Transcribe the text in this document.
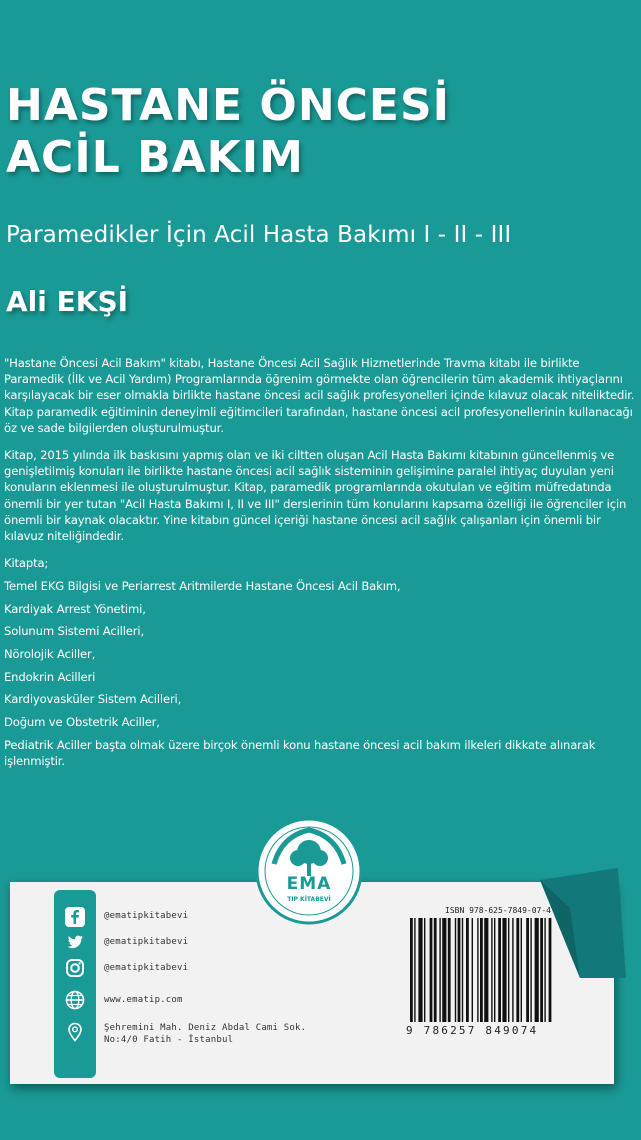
HASTANE ÖNCESİ
ACİL BAKIM
Paramedikler İçin Acil Hasta Bakımı I - II - III
Ali EKŞİ

"Hastane Öncesi Acil Bakım" kitabı, Hastane Öncesi Acil Sağlık Hizmetlerinde Travma kitabı ile birlikte Paramedik (İlk ve Acil Yardım) Programlarında öğrenim görmekte olan öğrencilerin tüm akademik ihtiyaçlarını karşılayacak bir eser olmakla birlikte hastane öncesi acil sağlık profesyonelleri içinde kılavuz olacak niteliktedir. Kitap paramedik eğitiminin deneyimli eğitimcileri tarafından, hastane öncesi acil profesyonellerinin kullanacağı öz ve sade bilgilerden oluşturulmuştur.

Kitap, 2015 yılında ilk baskısını yapmış olan ve iki ciltten oluşan Acil Hasta Bakımı kitabının güncellenmiş ve genişletilmiş konuları ile birlikte hastane öncesi acil sağlık sisteminin gelişimine paralel ihtiyaç duyulan yeni konuların eklenmesi ile oluşturulmuştur. Kitap, paramedik programlarında okutulan ve eğitim müfredatında önemli bir yer tutan "Acil Hasta Bakımı I, II ve III" derslerinin tüm konularını kapsama özelliği ile öğrenciler için önemli bir kaynak olacaktır. Yine kitabın güncel içeriği hastane öncesi acil sağlık çalışanları için önemli bir kılavuz niteliğindedir.

Kitapta;
Temel EKG Bilgisi ve Periarrest Aritmilerde Hastane Öncesi Acil Bakım,
Kardiyak Arrest Yönetimi,
Solunum Sistemi Acilleri,
Nörolojik Aciller,
Endokrin Acilleri
Kardiyovasküler Sistem Acilleri,
Doğum ve Obstetrik Aciller,
Pediatrik Aciller başta olmak üzere birçok önemli konu hastane öncesi acil bakım ilkeleri dikkate alınarak işlenmiştir.
EMA
TIP KİTABEVİ
@ematipkitabevi
@ematipkitabevi
@ematipkitabevi
www.ematip.com
Şehremini Mah. Deniz Abdal Cami Sok.
No:4/0 Fatih - İstanbul
ISBN 978-625-7849-07-4
9 786257 849074
